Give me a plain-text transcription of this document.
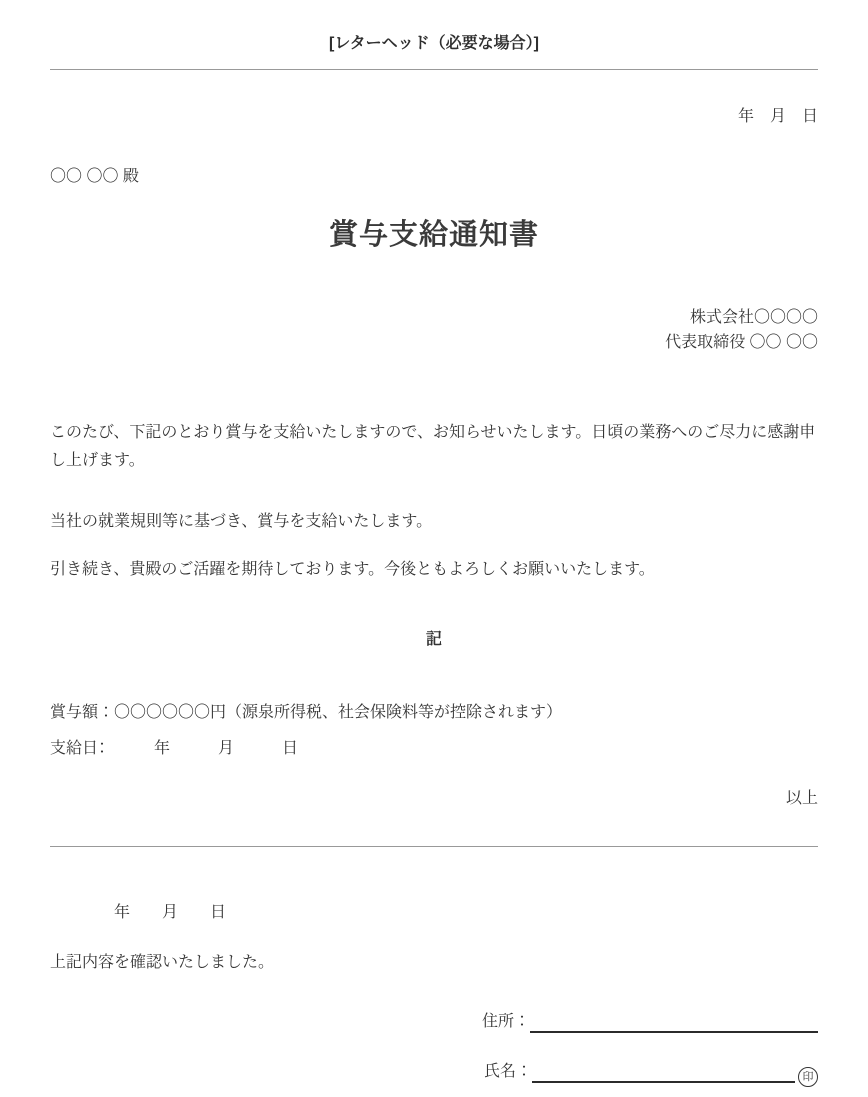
[レターヘッド（必要な場合）]
年　月　日
〇〇 〇〇 殿
賞与支給通知書
株式会社〇〇〇〇
代表取締役 〇〇 〇〇
このたび、下記のとおり賞与を支給いたしますので、お知らせいたします。日頃の業務へのご尽力に感謝申し上げます。
当社の就業規則等に基づき、賞与を支給いたします。
引き続き、貴殿のご活躍を期待しております。今後ともよろしくお願いいたします。
記
賞与額：〇〇〇〇〇〇円（源泉所得税、社会保険料等が控除されます）
支給日：　　　年　　　月　　　日
以上
年　　月　　日
上記内容を確認いたしました。
住所：
氏名：	印
